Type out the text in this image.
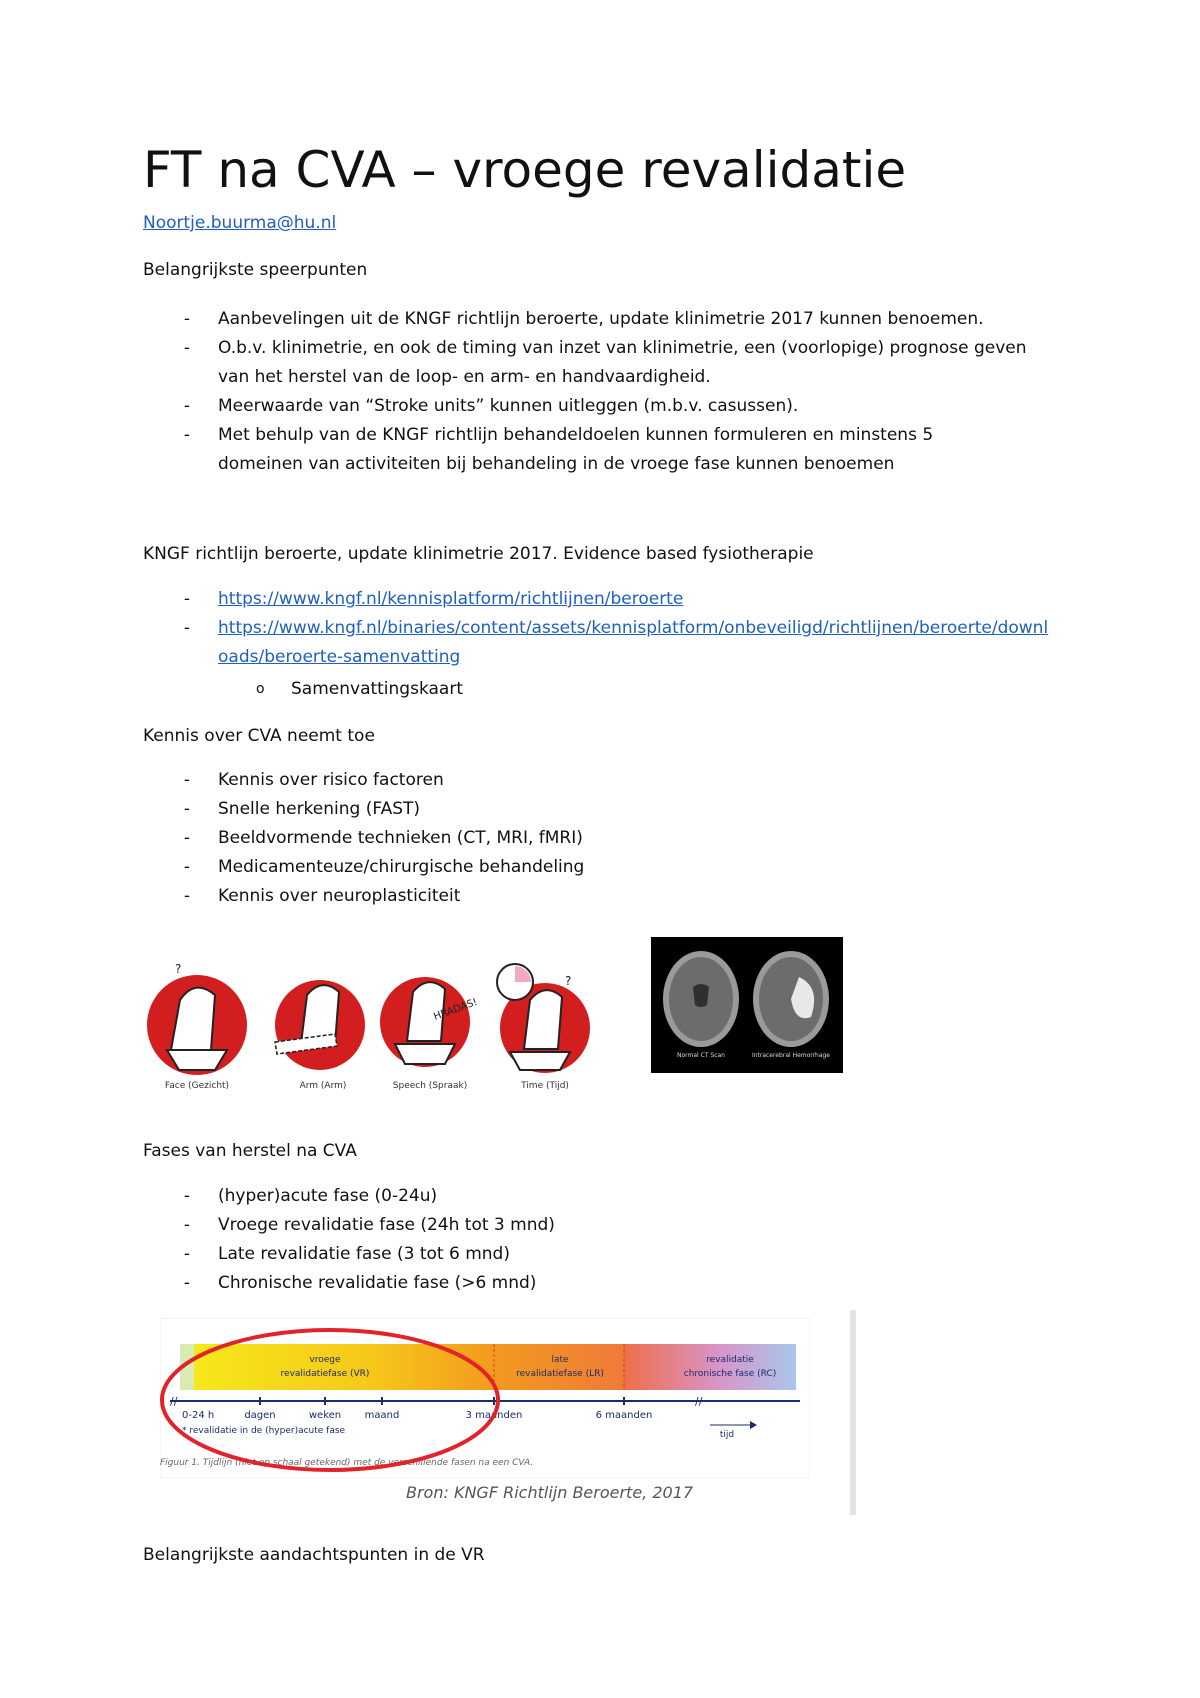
FT na CVA – vroege revalidatie
Noortje.buurma@hu.nl
Belangrijkste speerpunten
- Aanbevelingen uit de KNGF richtlijn beroerte, update klinimetrie 2017 kunnen benoemen.
- O.b.v. klinimetrie, en ook de timing van inzet van klinimetrie, een (voorlopige) prognose geven van het herstel van de loop- en arm- en handvaardigheid.
- Meerwaarde van “Stroke units” kunnen uitleggen (m.b.v. casussen).
- Met behulp van de KNGF richtlijn behandeldoelen kunnen formuleren en minstens 5 domeinen van activiteiten bij behandeling in de vroege fase kunnen benoemen
KNGF richtlijn beroerte, update klinimetrie 2017. Evidence based fysiotherapie
- https://www.kngf.nl/kennisplatform/richtlijnen/beroerte
- https://www.kngf.nl/binaries/content/assets/kennisplatform/onbeveiligd/richtlijnen/beroerte/downloads/beroerte-samenvatting
o Samenvattingskaart
Kennis over CVA neemt toe
- Kennis over risico factoren
- Snelle herkening (FAST)
- Beeldvormende technieken (CT, MRI, fMRI)
- Medicamenteuze/chirurgische behandeling
- Kennis over neuroplasticiteit
?
Face (Gezicht)	Arm (Arm)
HRADAS!
Speech (Spraak)
?
Time (Tijd)
Normal CT Scan	Intracerebral Hemorrhage
Fases van herstel na CVA
- (hyper)acute fase (0-24u)
- Vroege revalidatie fase (24h tot 3 mnd)
- Late revalidatie fase (3 tot 6 mnd)
- Chronische revalidatie fase (>6 mnd)
vroege
revalidatiefase (VR)
late
revalidatiefase (LR)
revalidatie
chronische fase (RC)
//	//
0-24 h	dagen	weken maand	3 maanden	6 maanden
* revalidatie in de (hyper)acute fase	tijd
Figuur 1. Tijdlijn (niet op schaal getekend) met de verschillende fasen na een CVA.
Bron: KNGF Richtlijn Beroerte, 2017
Belangrijkste aandachtspunten in de VR
